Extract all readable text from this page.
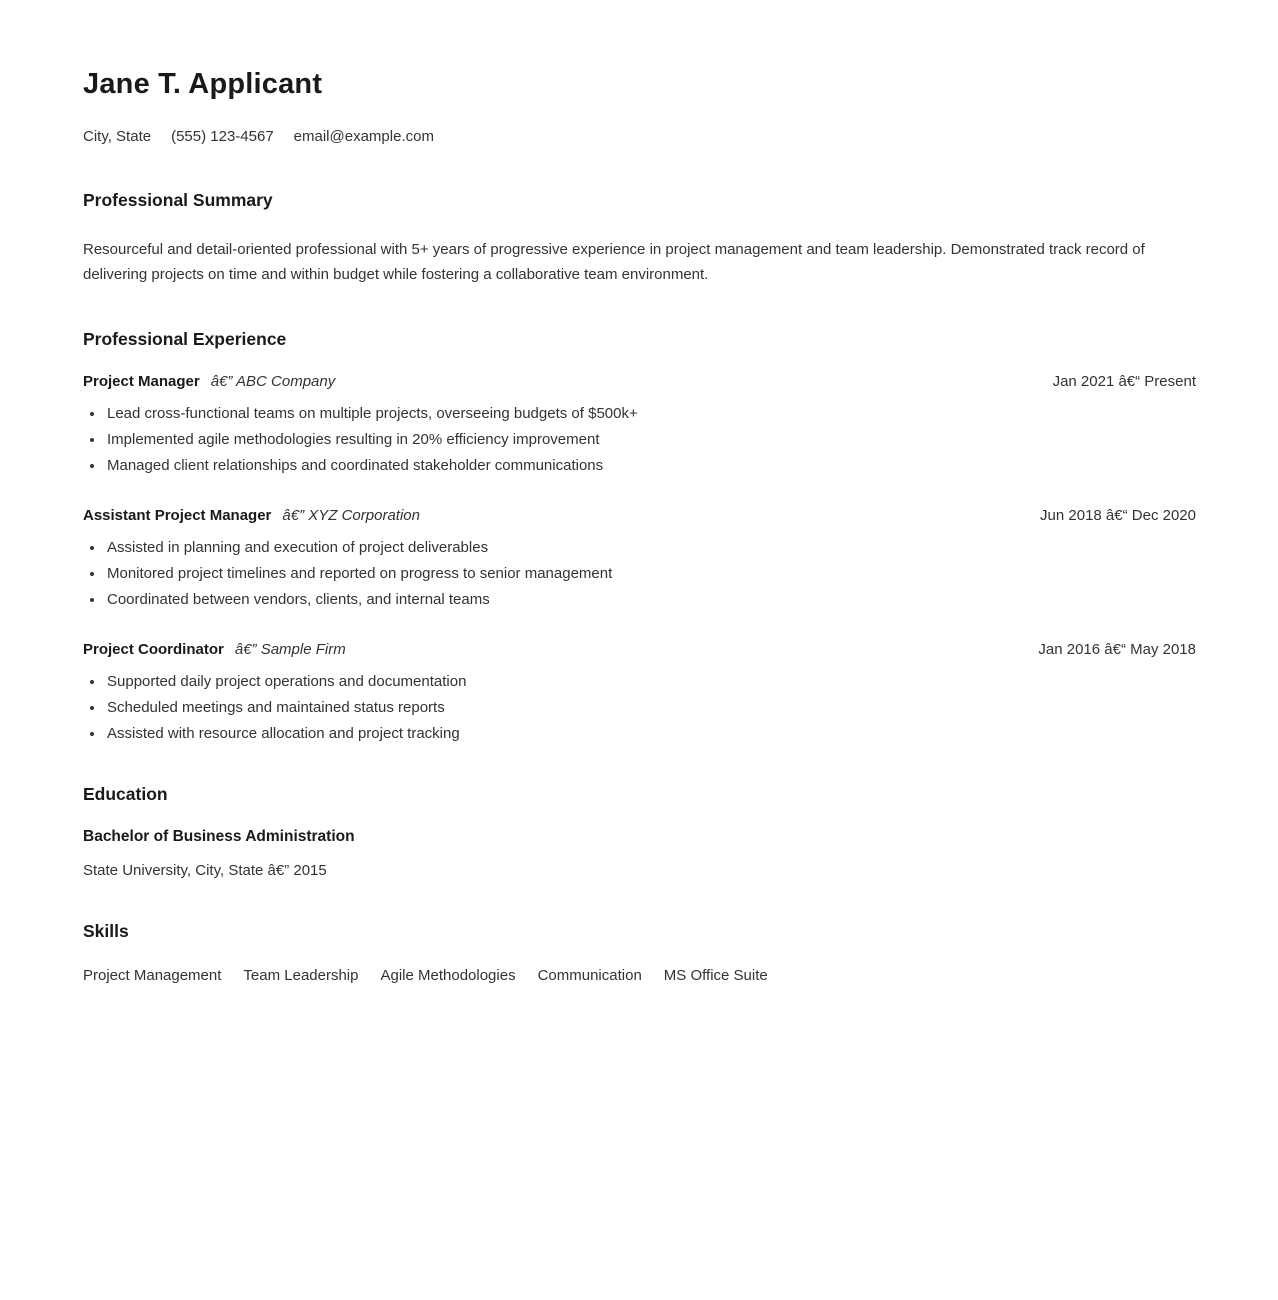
Jane T. Applicant
City, State (555) 123-4567 email@example.com
Professional Summary

Resourceful and detail-oriented professional with 5+ years of progressive experience in project management and team leadership. Demonstrated track record of delivering projects on time and within budget while fostering a collaborative team environment.

Professional Experience
Project Manager â€” ABC Company	Jan 2021 â€“ Present
• Lead cross-functional teams on multiple projects, overseeing budgets of $500k+
• Implemented agile methodologies resulting in 20% efficiency improvement
• Managed client relationships and coordinated stakeholder communications
Assistant Project Manager â€” XYZ Corporation	Jun 2018 â€“ Dec 2020
• Assisted in planning and execution of project deliverables
• Monitored project timelines and reported on progress to senior management
• Coordinated between vendors, clients, and internal teams
Project Coordinator â€” Sample Firm	Jan 2016 â€“ May 2018
• Supported daily project operations and documentation
• Scheduled meetings and maintained status reports
• Assisted with resource allocation and project tracking
Education
Bachelor of Business Administration
State University, City, State â€” 2015
Skills
Project Management Team Leadership Agile Methodologies Communication MS Office Suite
